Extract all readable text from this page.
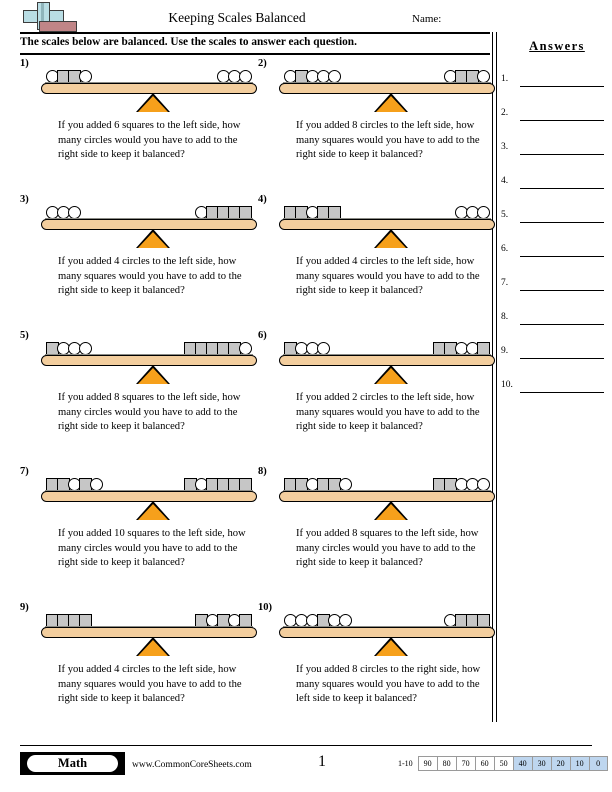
Keeping Scales Balanced	Name:
The scales below are balanced. Use the scales to answer each question.	Answers
1.
2.
3.
4.
5.
6.
7.
8.
9.
10.
1)
If you added 6 squares to the left side, how many circles would you have to add to the right side to keep it balanced?
2)
If you added 8 circles to the left side, how many squares would you have to add to the right side to keep it balanced?
3)
If you added 4 circles to the left side, how many squares would you have to add to the right side to keep it balanced?
4)
If you added 4 circles to the left side, how many squares would you have to add to the right side to keep it balanced?
5)
If you added 8 squares to the left side, how many circles would you have to add to the right side to keep it balanced?
6)
If you added 2 circles to the left side, how many squares would you have to add to the right side to keep it balanced?
7)
If you added 10 squares to the left side, how many circles would you have to add to the right side to keep it balanced?
8)
If you added 8 squares to the left side, how many circles would you have to add to the right side to keep it balanced?
9)
If you added 4 circles to the left side, how many squares would you have to add to the right side to keep it balanced?
10)
If you added 8 circles to the right side, how many squares would you have to add to the left side to keep it balanced?
Math	www.CommonCoreSheets.com	1	1-10	90	80	70	60	50	40	30	20	10	0
